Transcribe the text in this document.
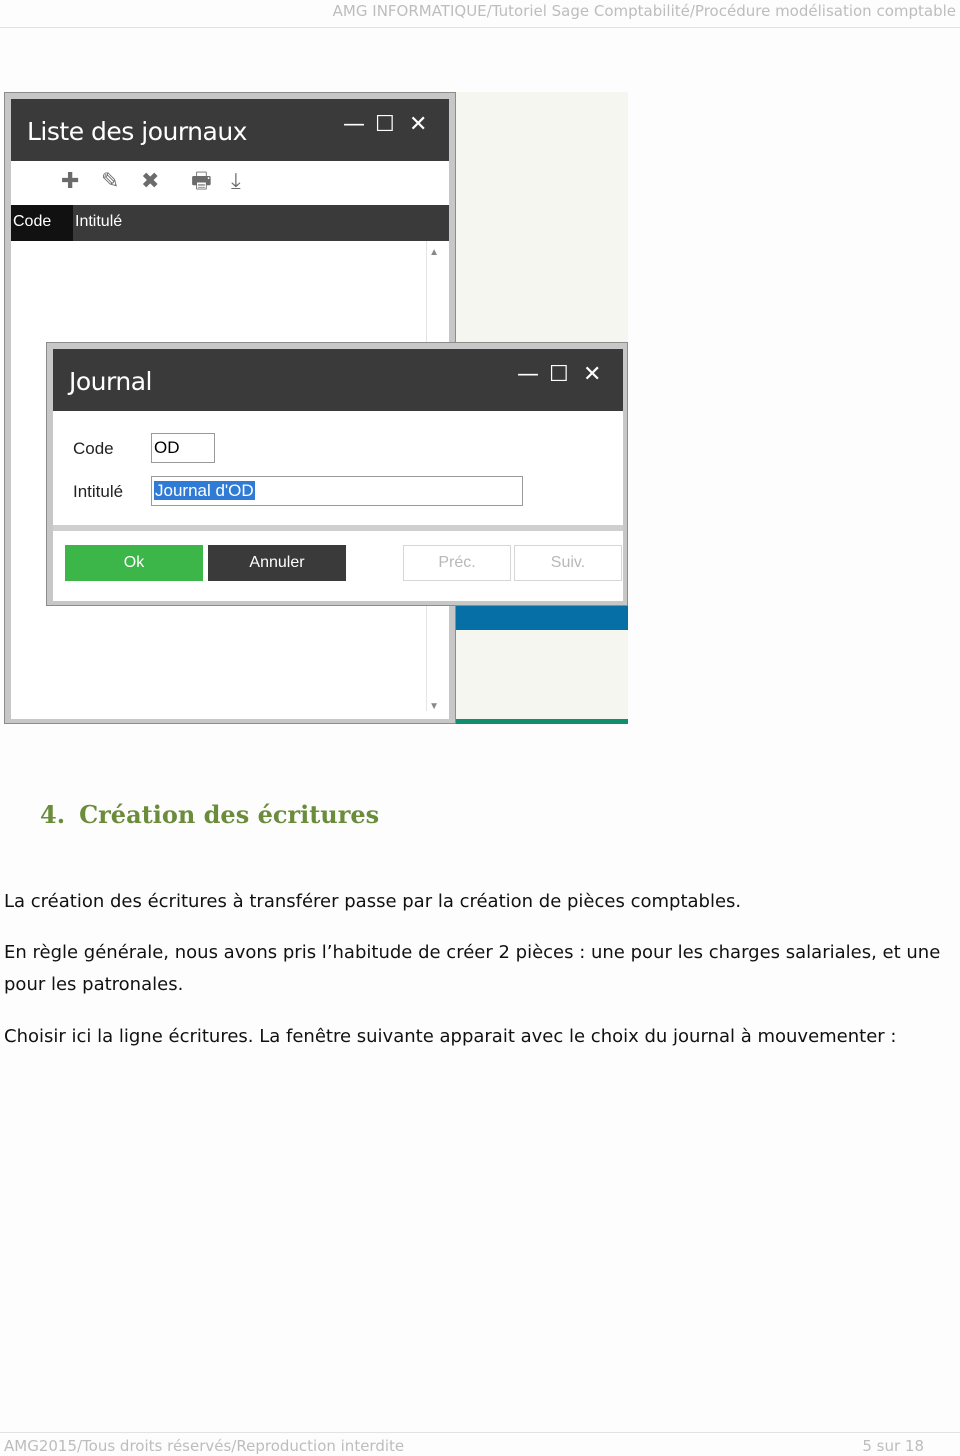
AMG INFORMATIQUE/Tutoriel Sage Comptabilité/Procédure modélisation comptable
Liste des journaux	— ☐ ✕
✚ ✎ ✖ 🖶 ⤓
Code	Intitulé
▲
▼
Journal	— ☐ ✕
Code OD
Intitulé Journal d'OD
Ok	Annuler	Préc.	Suiv.
4. Création des écritures

La création des écritures à transférer passe par la création de pièces comptables.

En règle générale, nous avons pris l’habitude de créer 2 pièces : une pour les charges salariales, et une pour les patronales.

Choisir ici la ligne écritures. La fenêtre suivante apparait avec le choix du journal à mouvementer :

AMG2015/Tous droits réservés/Reproduction interdite	5 sur 18
